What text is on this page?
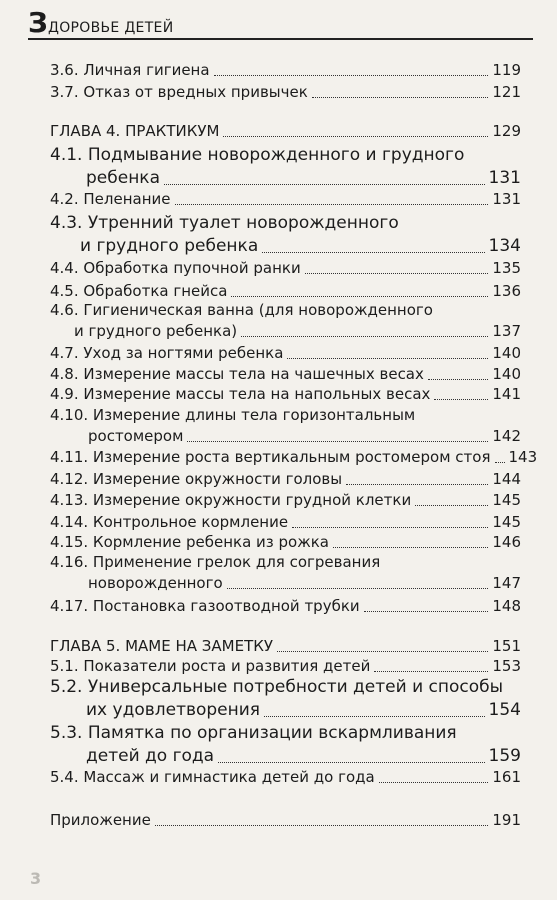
З ДОРОВЬЕ ДЕТЕЙ
3.6. Личная гигиена	119
3.7. Отказ от вредных привычек	121
ГЛАВА 4. ПРАКТИКУМ	129
4.1. Подмывание новорожденного и грудного
ребенка	131
4.2. Пеленание	131
4.3. Утренний туалет новорожденного
и грудного ребенка	134
4.4. Обработка пупочной ранки	135
4.5. Обработка гнейса	136
4.6. Гигиеническая ванна (для новорожденного
и грудного ребенка)	137
4.7. Уход за ногтями ребенка	140
4.8. Измерение массы тела на чашечных весах	140
4.9. Измерение массы тела на напольных весах	141
4.10. Измерение длины тела горизонтальным
ростомером	142
4.11. Измерение роста вертикальным ростомером стоя 143
4.12. Измерение окружности головы	144
4.13. Измерение окружности грудной клетки	145
4.14. Контрольное кормление	145
4.15. Кормление ребенка из рожка	146
4.16. Применение грелок для согревания
новорожденного	147
4.17. Постановка газоотводной трубки	148
ГЛАВА 5. МАМЕ НА ЗАМЕТКУ	151
5.1. Показатели роста и развития детей	153
5.2. Универсальные потребности детей и способы
их удовлетворения	154
5.3. Памятка по организации вскармливания
детей до года	159
5.4. Массаж и гимнастика детей до года	161
Приложение	191
3
